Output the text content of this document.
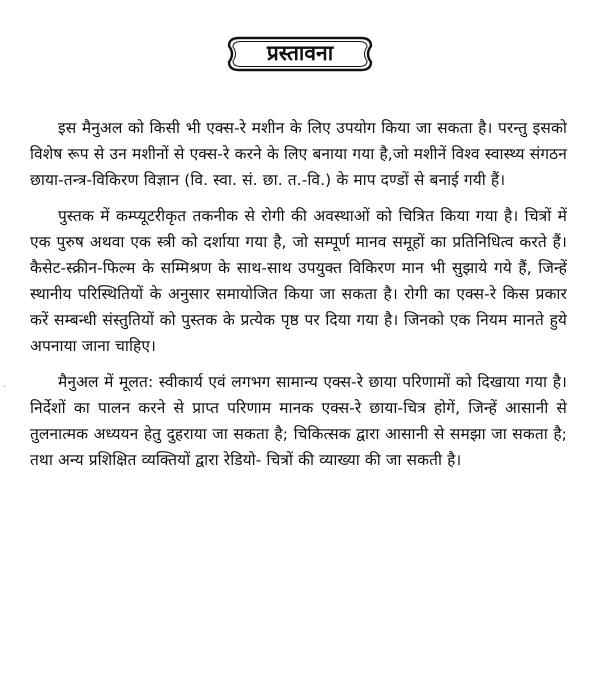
प्रस्तावना

इस मैनुअल को किसी भी एक्स-रे मशीन के लिए उपयोग किया जा सकता है। परन्तु इसको विशेष रूप से उन मशीनों से एक्स-रे करने के लिए बनाया गया है,जो मशीनें विश्व स्वास्थ्य संगठन छाया-तन्त्र-विकिरण विज्ञान (वि. स्वा. सं. छा. त.-वि.) के माप दण्डों से बनाई गयी हैं।

पुस्तक में कम्प्यूटरीकृत तकनीक से रोगी की अवस्थाओं को चित्रित किया गया है। चित्रों में एक पुरुष अथवा एक स्त्री को दर्शाया गया है, जो सम्पूर्ण मानव समूहों का प्रतिनिधित्व करते हैं। कैसेट-स्क्रीन-फिल्म के सम्मिश्रण के साथ-साथ उपयुक्त विकिरण मान भी सुझाये गये हैं, जिन्हें स्थानीय परिस्थितियों के अनुसार समायोजित किया जा सकता है। रोगी का एक्स-रे किस प्रकार करें सम्बन्धी संस्तुतियों को पुस्तक के प्रत्येक पृष्ठ पर दिया गया है। जिनको एक नियम मानते हुये अपनाया जाना चाहिए।

मैनुअल में मूलत: स्वीकार्य एवं लगभग सामान्य एक्स-रे छाया परिणामों को दिखाया गया है। निर्देशों का पालन करने से प्राप्त परिणाम मानक एक्स-रे छाया-चित्र होगें, जिन्हें आसानी से तुलनात्मक अध्ययन हेतु दुहराया जा सकता है; चिकित्सक द्वारा आसानी से समझा जा सकता है; तथा अन्य प्रशिक्षित व्यक्तियों द्वारा रेडियो- चित्रों की व्याख्या की जा सकती है।

·
